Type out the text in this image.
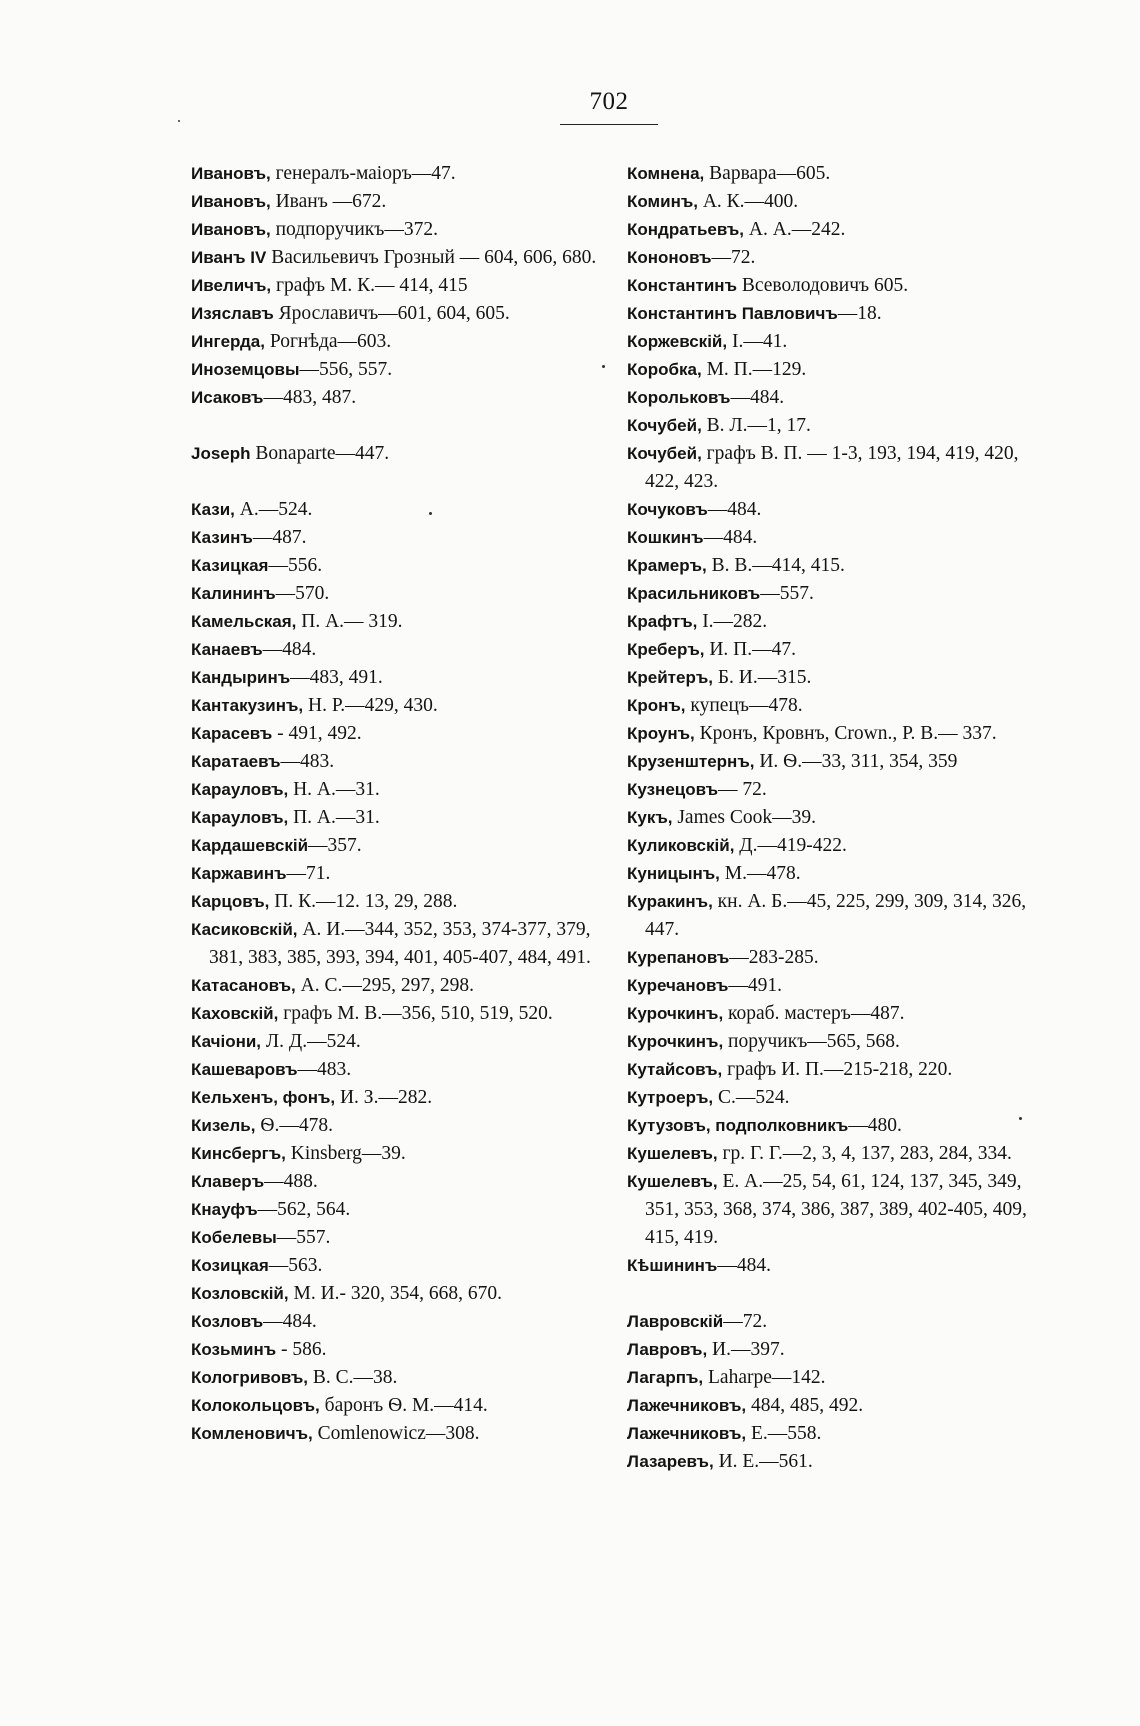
702
Ивановъ, генералъ-маіоръ—47.
Ивановъ, Иванъ —672.
Ивановъ, подпоручикъ—372.
Иванъ IV Васильевичъ Грозный — 604, 606, 680.
Ивеличъ, графъ М. К.— 414, 415
Изяславъ Ярославичъ—601, 604, 605.
Ингерда, Рогнѣда—603.
Иноземцовы—556, 557.
Исаковъ—483, 487.
Joseph Bonaparte—447.
Кази, А.—524.
Казинъ—487.
Казицкая—556.
Калининъ—570.
Камельская, П. А.— 319.
Канаевъ—484.
Кандыринъ—483, 491.
Кантакузинъ, Н. Р.—429, 430.
Карасевъ - 491, 492.
Каратаевъ—483.
Карауловъ, Н. А.—31.
Карауловъ, П. А.—31.
Кардашевскій—357.
Каржавинъ—71.
Карцовъ, П. К.—12. 13, 29, 288.
Касиковскій, А. И.—344, 352, 353, 374-377, 379, 381, 383, 385, 393, 394, 401, 405-407, 484, 491.
Катасановъ, А. С.—295, 297, 298.
Каховскій, графъ М. В.—356, 510, 519, 520.
Качіони, Л. Д.—524.
Кашеваровъ—483.
Кельхенъ, фонъ, И. З.—282.
Кизель, Ѳ.—478.
Кинсбергъ, Kinsberg—39.
Клаверъ—488.
Кнауфъ—562, 564.
Кобелевы—557.
Козицкая—563.
Козловскій, М. И.- 320, 354, 668, 670.
Козловъ—484.
Козьминъ - 586.
Кологривовъ, В. С.—38.
Колокольцовъ, баронъ Ѳ. М.—414.
Комленовичъ, Comlenowicz—308.
Комнена, Варвара—605.
Коминъ, А. К.—400.
Кондратьевъ, А. А.—242.
Кононовъ—72.
Константинъ Всеволодовичъ 605.
Константинъ Павловичъ—18.
Коржевскій, I.—41.
Коробка, М. П.—129.
Корольковъ—484.
Кочубей, В. Л.—1, 17.
Кочубей, графъ В. П. — 1-3, 193, 194, 419, 420, 422, 423.
Кочуковъ—484.
Кошкинъ—484.
Крамеръ, В. В.—414, 415.
Красильниковъ—557.
Крафтъ, I.—282.
Креберъ, И. П.—47.
Крейтеръ, Б. И.—315.
Кронъ, купецъ—478.
Кроунъ, Кронъ, Кровнъ, Crown., Р. В.— 337.
Крузенштернъ, И. Ѳ.—33, 311, 354, 359
Кузнецовъ— 72.
Кукъ, James Cook—39.
Куликовскій, Д.—419-422.
Куницынъ, М.—478.
Куракинъ, кн. А. Б.—45, 225, 299, 309, 314, 326, 447.
Курепановъ—283-285.
Куречановъ—491.
Курочкинъ, кораб. мастеръ—487.
Курочкинъ, поручикъ—565, 568.
Кутайсовъ, графъ И. П.—215-218, 220.
Кутроеръ, С.—524.
Кутузовъ, подполковникъ—480.
Кушелевъ, гр. Г. Г.—2, 3, 4, 137, 283, 284, 334.
Кушелевъ, Е. А.—25, 54, 61, 124, 137, 345, 349, 351, 353, 368, 374, 386, 387, 389, 402-405, 409, 415, 419.
Кѣшининъ—484.
Лавровскій—72.
Лавровъ, И.—397.
Лагарпъ, Laharpe—142.
Лажечниковъ, 484, 485, 492.
Лажечниковъ, Е.—558.
Лазаревъ, И. Е.—561.
